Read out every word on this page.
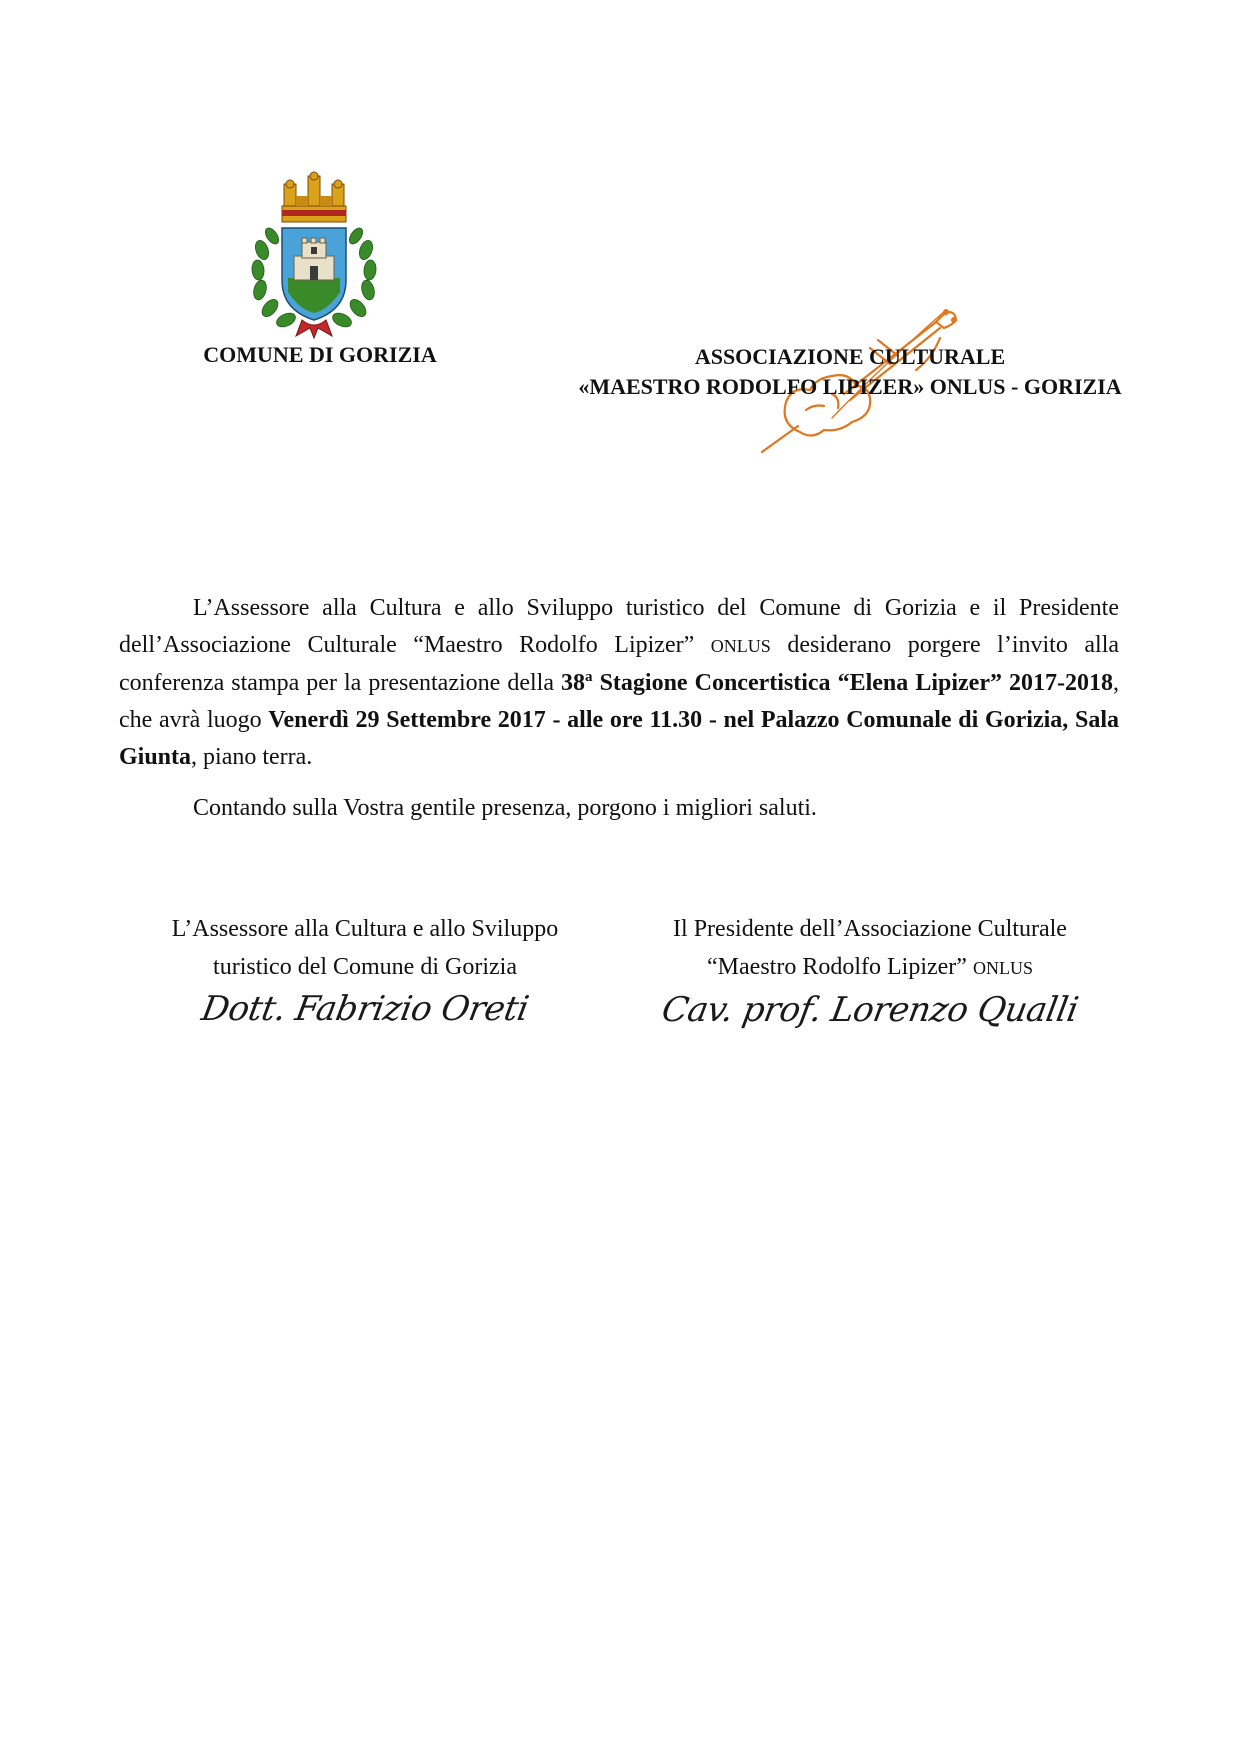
COMUNE DI GORIZIA	ASSOCIAZIONE CULTURALE
«MAESTRO RODOLFO LIPIZER» ONLUS - GORIZIA

L’Assessore alla Cultura e allo Sviluppo turistico del Comune di Gorizia e il Presidente dell’Associazione Culturale “Maestro Rodolfo Lipizer” ONLUS desiderano porgere l’invito alla conferenza stampa per la presentazione della 38$^a$ Stagione Concertistica “Elena Lipizer” 2017-2018, che avrà luogo Venerdì 29 Settembre 2017 - alle ore 11.30 - nel Palazzo Comunale di Gorizia, Sala Giunta, piano terra.

Contando sulla Vostra gentile presenza, porgono i migliori saluti.

L’Assessore alla Cultura e allo Sviluppo
turistico del Comune di Gorizia
Dott. Fabrizio Oreti
Il Presidente dell’Associazione Culturale
“Maestro Rodolfo Lipizer” ONLUS
Cav. prof. Lorenzo Qualli
